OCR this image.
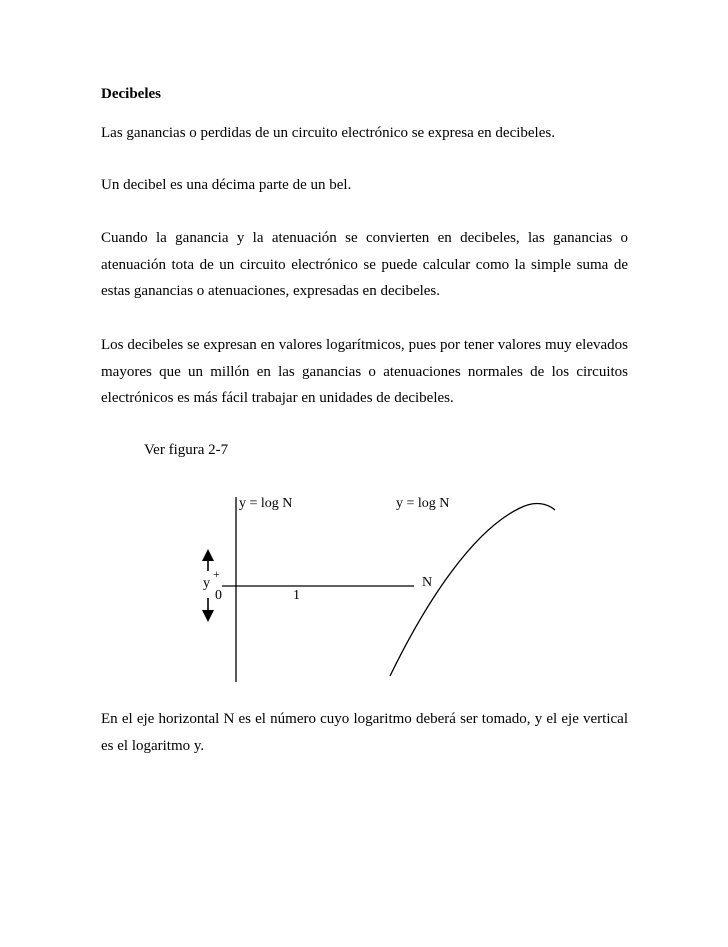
Decibeles

Las ganancias o perdidas de un circuito electrónico se expresa en decibeles.

Un decibel es una décima parte de un bel.

Cuando la ganancia y la atenuación se convierten en decibeles, las ganancias o atenuación tota de un circuito electrónico se puede calcular como la simple suma de estas ganancias o atenuaciones, expresadas en decibeles.

Los decibeles se expresan en valores logarítmicos, pues por tener valores muy elevados mayores que un millón en las ganancias o atenuaciones normales de los circuitos electrónicos es más fácil trabajar en unidades de decibeles.

Ver figura 2-7
y = log N	y = log N
+
y
0	1
N

En el eje horizontal N es el número cuyo logaritmo deberá ser tomado, y el eje vertical es el logaritmo y.
